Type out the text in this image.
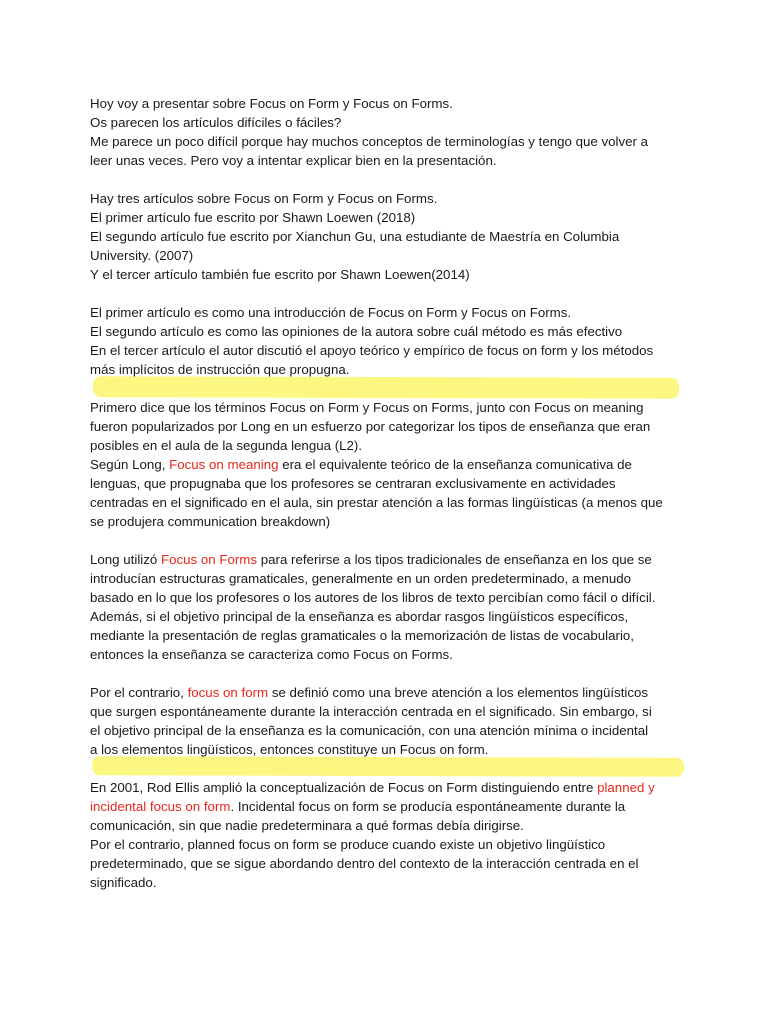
Hoy voy a presentar sobre Focus on Form y Focus on Forms.
Os parecen los artículos difíciles o fáciles?
Me parece un poco difícil porque hay muchos conceptos de terminologías y tengo que volver a
leer unas veces. Pero voy a intentar explicar bien en la presentación.

Hay tres artículos sobre Focus on Form y Focus on Forms.
El primer artículo fue escrito por Shawn Loewen (2018)
El segundo artículo fue escrito por Xianchun Gu, una estudiante de Maestría en Columbia
University. (2007)
Y el tercer artículo también fue escrito por Shawn Loewen(2014)

El primer artículo es como una introducción de Focus on Form y Focus on Forms.
El segundo artículo es como las opiniones de la autora sobre cuál método es más efectivo
En el tercer artículo el autor discutió el apoyo teórico y empírico de focus on form y los métodos
más implícitos de instrucción que propugna.

Primero dice que los términos Focus on Form y Focus on Forms, junto con Focus on meaning
fueron popularizados por Long en un esfuerzo por categorizar los tipos de enseñanza que eran
posibles en el aula de la segunda lengua (L2).
Según Long, Focus on meaning era el equivalente teórico de la enseñanza comunicativa de
lenguas, que propugnaba que los profesores se centraran exclusivamente en actividades
centradas en el significado en el aula, sin prestar atención a las formas lingüísticas (a menos que
se produjera communication breakdown)

Long utilizó Focus on Forms para referirse a los tipos tradicionales de enseñanza en los que se
introducían estructuras gramaticales, generalmente en un orden predeterminado, a menudo
basado en lo que los profesores o los autores de los libros de texto percibían como fácil o difícil.
Además, si el objetivo principal de la enseñanza es abordar rasgos lingüísticos específicos,
mediante la presentación de reglas gramaticales o la memorización de listas de vocabulario,
entonces la enseñanza se caracteriza como Focus on Forms.

Por el contrario, focus on form se definió como una breve atención a los elementos lingüísticos
que surgen espontáneamente durante la interacción centrada en el significado. Sin embargo, si
el objetivo principal de la enseñanza es la comunicación, con una atención mínima o incidental
a los elementos lingüísticos, entonces constituye un Focus on form.

En 2001, Rod Ellis amplió la conceptualización de Focus on Form distinguiendo entre planned y
incidental focus on form. Incidental focus on form se producía espontáneamente durante la
comunicación, sin que nadie predeterminara a qué formas debía dirigirse.
Por el contrario, planned focus on form se produce cuando existe un objetivo lingüístico
predeterminado, que se sigue abordando dentro del contexto de la interacción centrada en el
significado.
